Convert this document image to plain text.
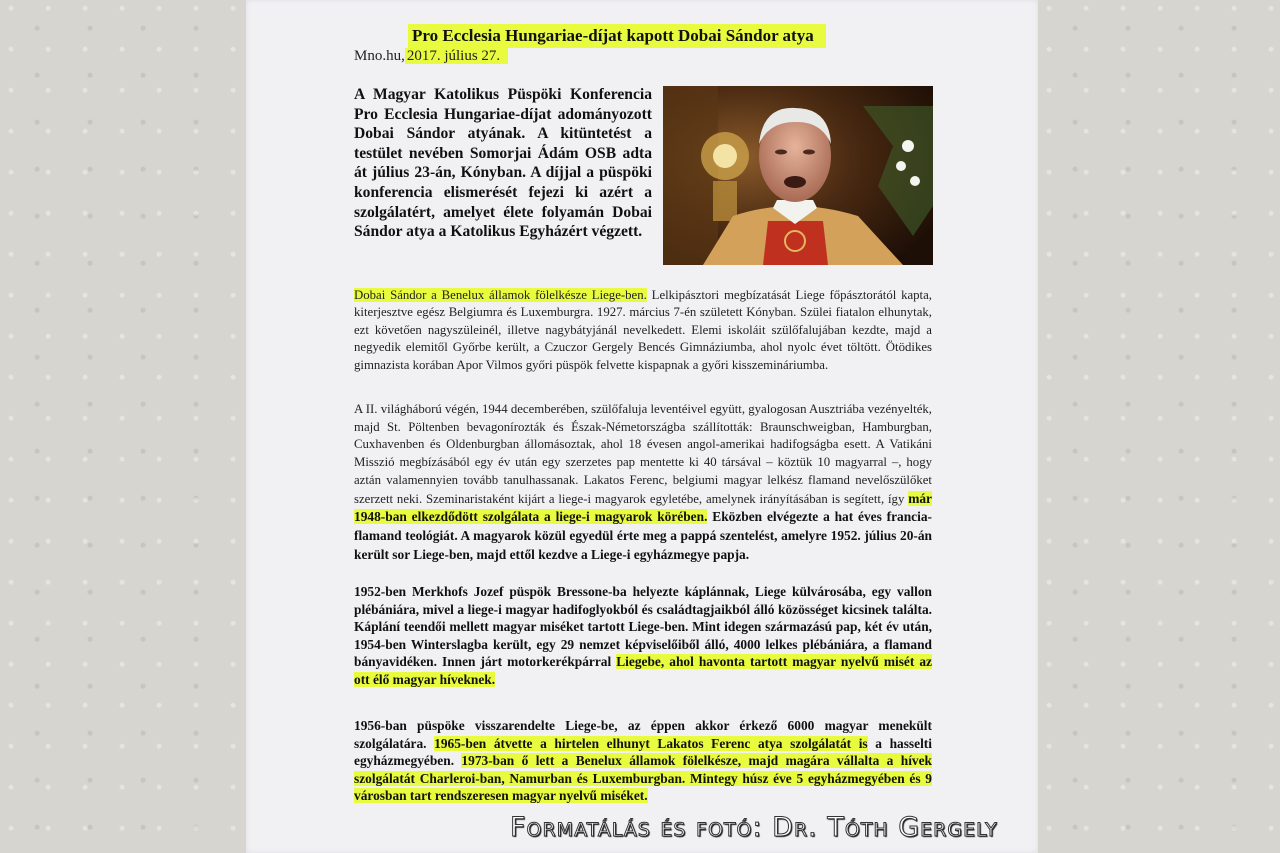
Pro Ecclesia Hungariae-díjat kapott Dobai Sándor atya
Mno.hu, 2017. július 27.
A Magyar Katolikus Püspöki Konferencia Pro Ecclesia Hungariae-díjat adományozott Dobai Sándor atyának. A kitüntetést a testület nevében Somorjai Ádám OSB adta át július 23-án, Kónyban. A díjjal a püspöki konferencia elismerését fejezi ki azért a szolgálatért, amelyet élete folyamán Dobai Sándor atya a Katolikus Egyházért végzett.
Dobai Sándor a Benelux államok fölelkésze Liege-ben. Lelkipásztori megbízatását Liege főpásztorától kapta, kiterjesztve egész Belgiumra és Luxemburgra. 1927. március 7-én született Kónyban. Szülei fiatalon elhunytak, ezt követően nagyszüleinél, illetve nagybátyjánál nevelkedett. Elemi iskoláit szülőfalujában kezdte, majd a negyedik elemitől Győrbe került, a Czuczor Gergely Bencés Gimnáziumba, ahol nyolc évet töltött. Ötödikes gimnazista korában Apor Vilmos győri püspök felvette kispapnak a győri kisszemináriumba.
A II. világháború végén, 1944 decemberében, szülőfaluja leventéivel együtt, gyalogosan Ausztriába vezényelték, majd St. Pöltenben bevagonírozták és Észak-Németországba szállították: Braunschweigban, Hamburgban, Cuxhavenben és Oldenburgban állomásoztak, ahol 18 évesen angol-amerikai hadifogságba esett. A Vatikáni Misszió megbízásából egy év után egy szerzetes pap mentette ki 40 társával – köztük 10 magyarral –, hogy aztán valamennyien tovább tanulhassanak. Lakatos Ferenc, belgiumi magyar lelkész flamand nevelőszülőket szerzett neki. Szeminaristaként kijárt a liege-i magyarok egyletébe, amelynek irányításában is segített, így már 1948-ban elkezdődött szolgálata a liege-i magyarok körében. Eközben elvégezte a hat éves francia-flamand teológiát. A magyarok közül egyedül érte meg a pappá szentelést, amelyre 1952. július 20-án került sor Liege-ben, majd ettől kezdve a Liege-i egyházmegye papja.
1952-ben Merkhofs Jozef püspök Bressone-ba helyezte káplánnak, Liege külvárosába, egy vallon plébániára, mivel a liege-i magyar hadifoglyokból és családtagjaikból álló közösséget kicsinek találta. Káplání teendői mellett magyar miséket tartott Liege-ben. Mint idegen származású pap, két év után, 1954-ben Winterslagba került, egy 29 nemzet képviselőiből álló, 4000 lelkes plébániára, a flamand bányavidéken. Innen járt motorkerékpárral Liegebe, ahol havonta tartott magyar nyelvű misét az ott élő magyar híveknek.
1956-ban püspöke visszarendelte Liege-be, az éppen akkor érkező 6000 magyar menekült szolgálatára. 1965-ben átvette a hirtelen elhunyt Lakatos Ferenc atya szolgálatát is a hasselti egyházmegyében. 1973-ban ő lett a Benelux államok fölelkésze, majd magára vállalta a hívek szolgálatát Charleroi-ban, Namurban és Luxemburgban. Mintegy húsz éve 5 egyházmegyében és 9 városban tart rendszeresen magyar nyelvű miséket.
Formatálás és fotó: Dr. Tóth Gergely
